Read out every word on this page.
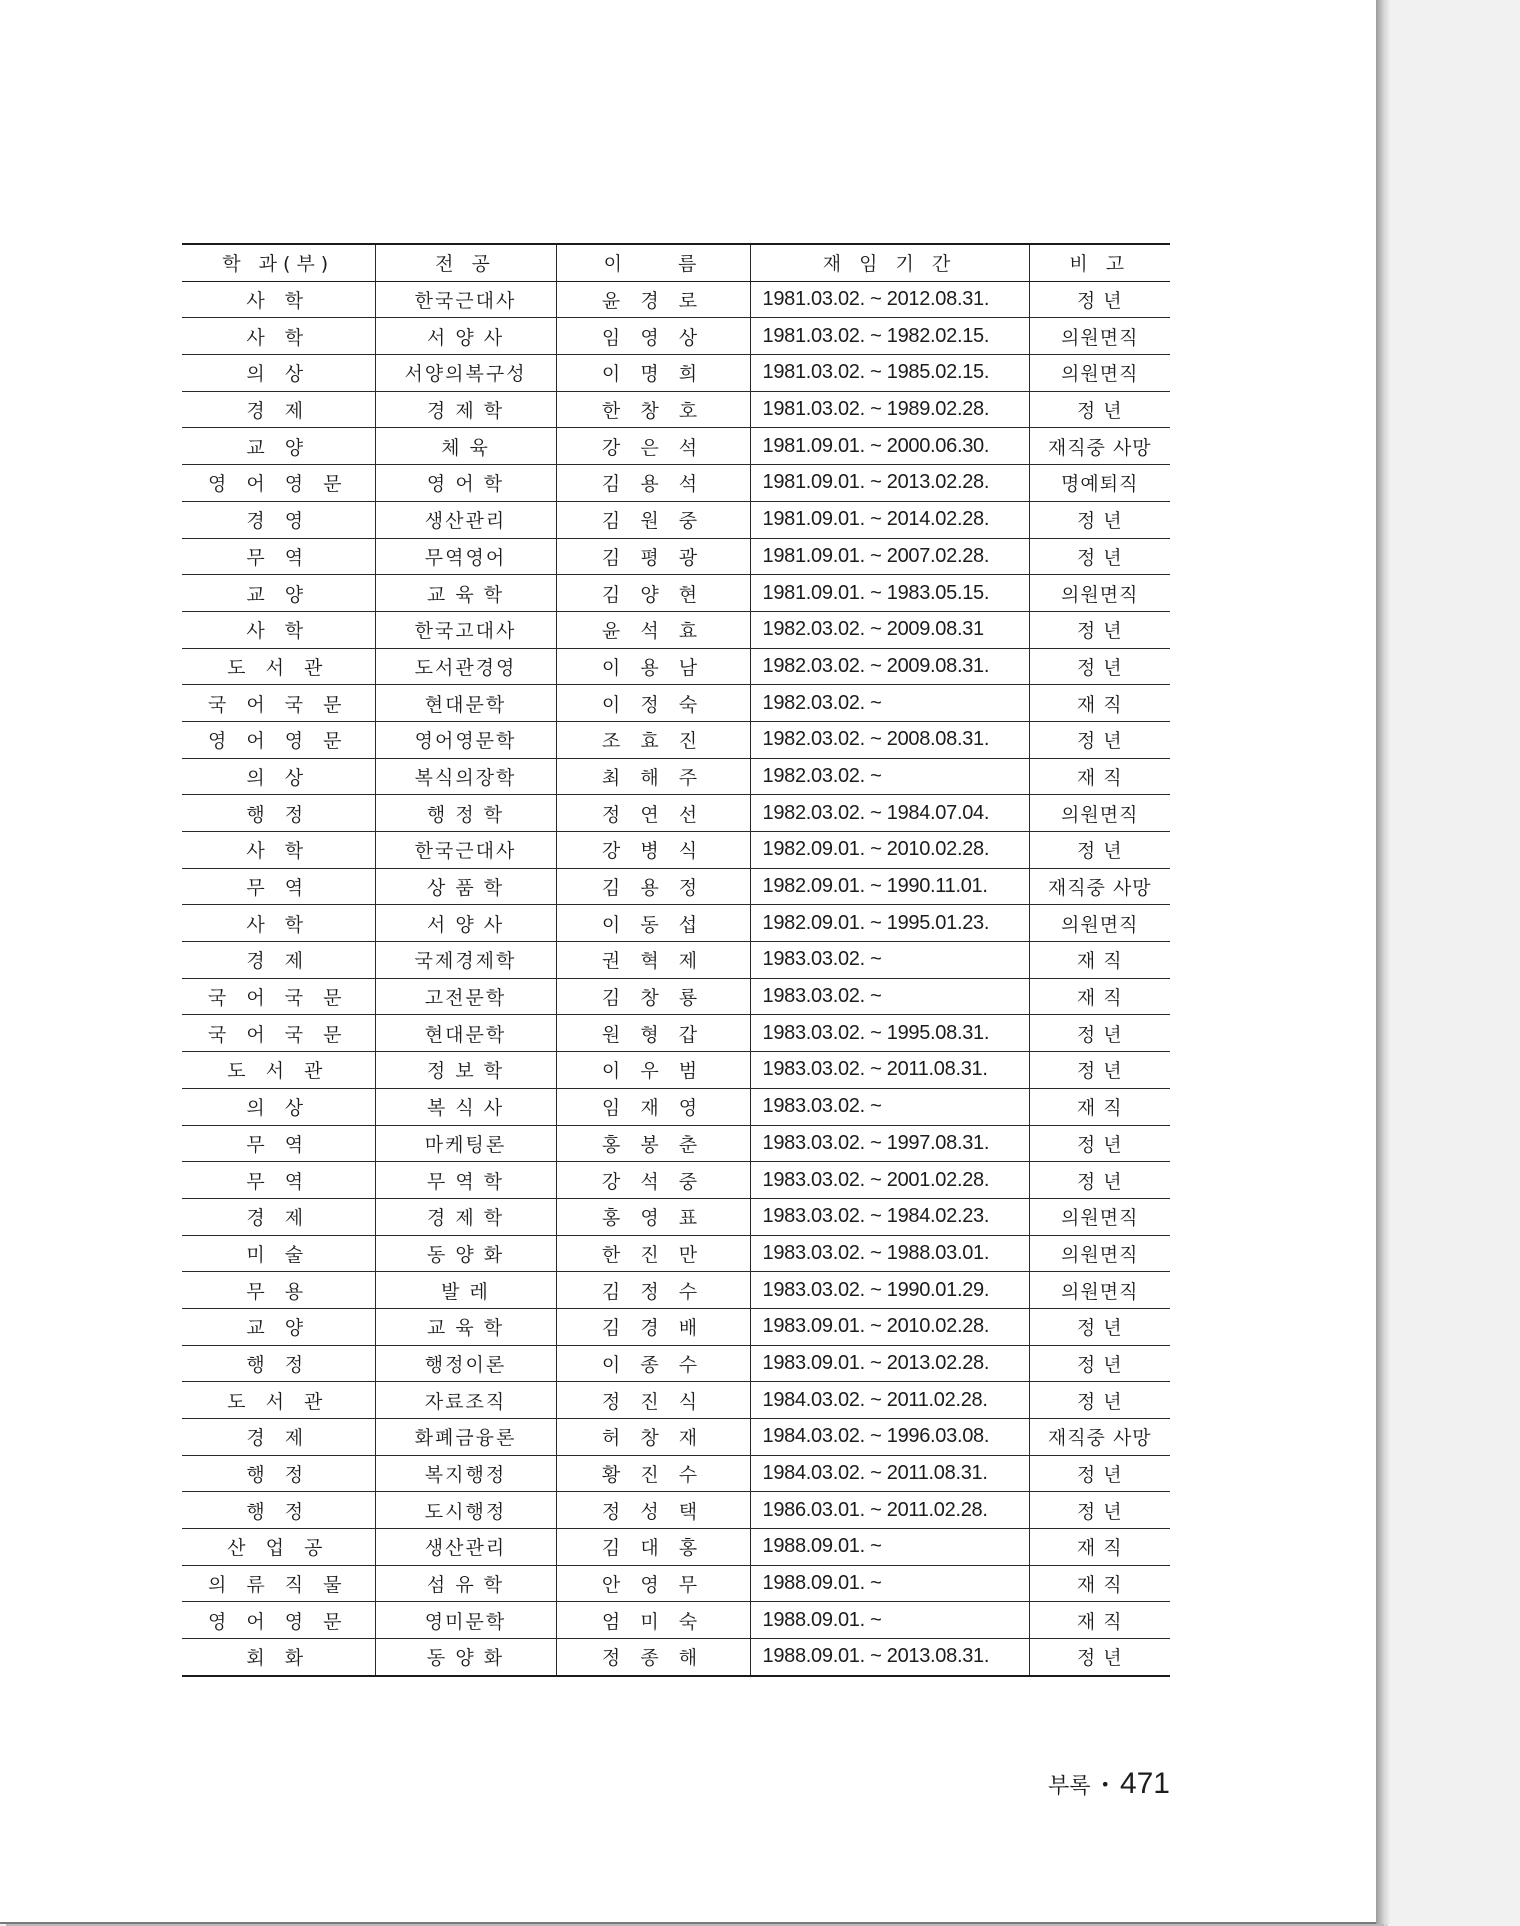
학 과(부)	전 공	이　　름	재 임 기 간	비 고
사 학	한국근대사	윤 경 로	1981.03.02. ~ 2012.08.31.	정 년
사 학	서 양 사	임 영 상	1981.03.02. ~ 1982.02.15.	의원면직
의 상	서양의복구성	이 명 희	1981.03.02. ~ 1985.02.15.	의원면직
경 제	경 제 학	한 창 호	1981.03.02. ~ 1989.02.28.	정 년
교 양	체 육	강 은 석	1981.09.01. ~ 2000.06.30.	재직중 사망
영 어 영 문	영 어 학	김 용 석	1981.09.01. ~ 2013.02.28.	명예퇴직
경 영	생산관리	김 원 중	1981.09.01. ~ 2014.02.28.	정 년
무 역	무역영어	김 평 광	1981.09.01. ~ 2007.02.28.	정 년
교 양	교 육 학	김 양 현	1981.09.01. ~ 1983.05.15.	의원면직
사 학	한국고대사	윤 석 효	1982.03.02. ~ 2009.08.31	정 년
도 서 관	도서관경영	이 용 남	1982.03.02. ~ 2009.08.31.	정 년
국 어 국 문	현대문학	이 정 숙	1982.03.02. ~	재 직
영 어 영 문	영어영문학	조 효 진	1982.03.02. ~ 2008.08.31.	정 년
의 상	복식의장학	최 해 주	1982.03.02. ~	재 직
행 정	행 정 학	정 연 선	1982.03.02. ~ 1984.07.04.	의원면직
사 학	한국근대사	강 병 식	1982.09.01. ~ 2010.02.28.	정 년
무 역	상 품 학	김 용 정	1982.09.01. ~ 1990.11.01.	재직중 사망
사 학	서 양 사	이 동 섭	1982.09.01. ~ 1995.01.23.	의원면직
경 제	국제경제학	권 혁 제	1983.03.02. ~	재 직
국 어 국 문	고전문학	김 창 룡	1983.03.02. ~	재 직
국 어 국 문	현대문학	원 형 갑	1983.03.02. ~ 1995.08.31.	정 년
도 서 관	정 보 학	이 우 범	1983.03.02. ~ 2011.08.31.	정 년
의 상	복 식 사	임 재 영	1983.03.02. ~	재 직
무 역	마케팅론	홍 봉 춘	1983.03.02. ~ 1997.08.31.	정 년
무 역	무 역 학	강 석 중	1983.03.02. ~ 2001.02.28.	정 년
경 제	경 제 학	홍 영 표	1983.03.02. ~ 1984.02.23.	의원면직
미 술	동 양 화	한 진 만	1983.03.02. ~ 1988.03.01.	의원면직
무 용	발 레	김 정 수	1983.03.02. ~ 1990.01.29.	의원면직
교 양	교 육 학	김 경 배	1983.09.01. ~ 2010.02.28.	정 년
행 정	행정이론	이 종 수	1983.09.01. ~ 2013.02.28.	정 년
도 서 관	자료조직	정 진 식	1984.03.02. ~ 2011.02.28.	정 년
경 제	화폐금융론	허 창 재	1984.03.02. ~ 1996.03.08.	재직중 사망
행 정	복지행정	황 진 수	1984.03.02. ~ 2011.08.31.	정 년
행 정	도시행정	정 성 택	1986.03.01. ~ 2011.02.28.	정 년
산 업 공	생산관리	김 대 홍	1988.09.01. ~	재 직
의 류 직 물	섬 유 학	안 영 무	1988.09.01. ~	재 직
영 어 영 문	영미문학	엄 미 숙	1988.09.01. ~	재 직
회 화	동 양 화	정 종 해	1988.09.01. ~ 2013.08.31.	정 년
부록 • 471
